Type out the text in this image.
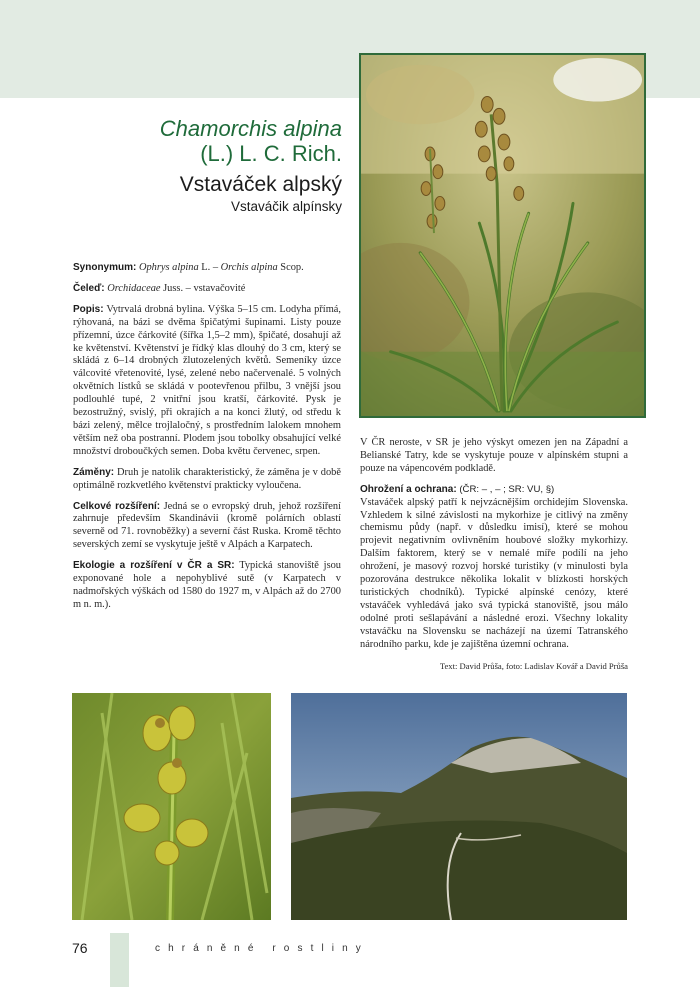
Chamorchis alpina
(L.) L. C. Rich.
Vstaváček alpský
Vstaváčik alpínsky

Synonymum: Ophrys alpina L. – Orchis alpina Scop.

Čeleď: Orchidaceae Juss. – vstavačovité

Popis: Vytrvalá drobná bylina. Výška 5–15 cm. Lodyha přímá, rýhovaná, na bázi se dvěma špičatými šupinami. Listy pouze přízemní, úzce čárkovité (šířka 1,5–2 mm), špičaté, dosahují až ke květenství. Květenství je řídký klas dlouhý do 3 cm, který se skládá z 6–14 drobných žlutozelených květů. Semeníky úzce válcovité vřetenovité, lysé, zelené nebo načervenalé. 5 volných okvětních lístků se skládá v pootevřenou přilbu, 3 vnější jsou podlouhlé tupé, 2 vnitřní jsou kratší, čárkovité. Pysk je bezostružný, svislý, při okrajích a na konci žlutý, od středu k bázi zelený, mělce trojlaločný, s prostředním lalokem mnohem větším než oba postranní. Plodem jsou tobolky obsahující velké množství droboučkých semen. Doba květu červenec, srpen.

Záměny: Druh je natolik charakteristický, že záměna je v době optimálně rozkvetlého květenství prakticky vyloučena.

Celkové rozšíření: Jedná se o evropský druh, jehož rozšíření zahrnuje především Skandinávii (kromě polárních oblastí severně od 71. rovnoběžky) a severní část Ruska. Kromě těchto severských zemí se vyskytuje ještě v Alpách a Karpatech.

Ekologie a rozšíření v ČR a SR: Typická stanoviště jsou exponované hole a nepohyblivé sutě (v Karpatech v nadmořských výškách od 1580 do 1927 m, v Alpách až do 2700 m n. m.).

V ČR neroste, v SR je jeho výskyt omezen jen na Západní a Belianské Tatry, kde se vyskytuje pouze v alpínském stupni a pouze na vápencovém podkladě.

Ohrožení a ochrana: (ČR: – , – ; SR: VU, §)
Vstaváček alpský patří k nejvzácnějším orchidejím Slovenska. Vzhledem k silné závislosti na mykorhize je citlivý na změny chemismu půdy (např. v důsledku imisí), které se mohou projevit negativním ovlivněním houbové složky mykorhizy. Dalším faktorem, který se v nemalé míře podílí na jeho ohrožení, je masový rozvoj horské turistiky (v minulosti byla pozorována destrukce několika lokalit v blízkosti horských turistických chodníků). Typické alpínské cenózy, které vstaváček vyhledává jako svá typická stanoviště, jsou málo odolné proti sešlapávání a následné erozi. Všechny lokality vstaváčku na Slovensku se nacházejí na území Tatranského národního parku, kde je zajištěna územní ochrana.

Text: David Průša, foto: Ladislav Kovář a David Průša
76	chráněné rostliny
